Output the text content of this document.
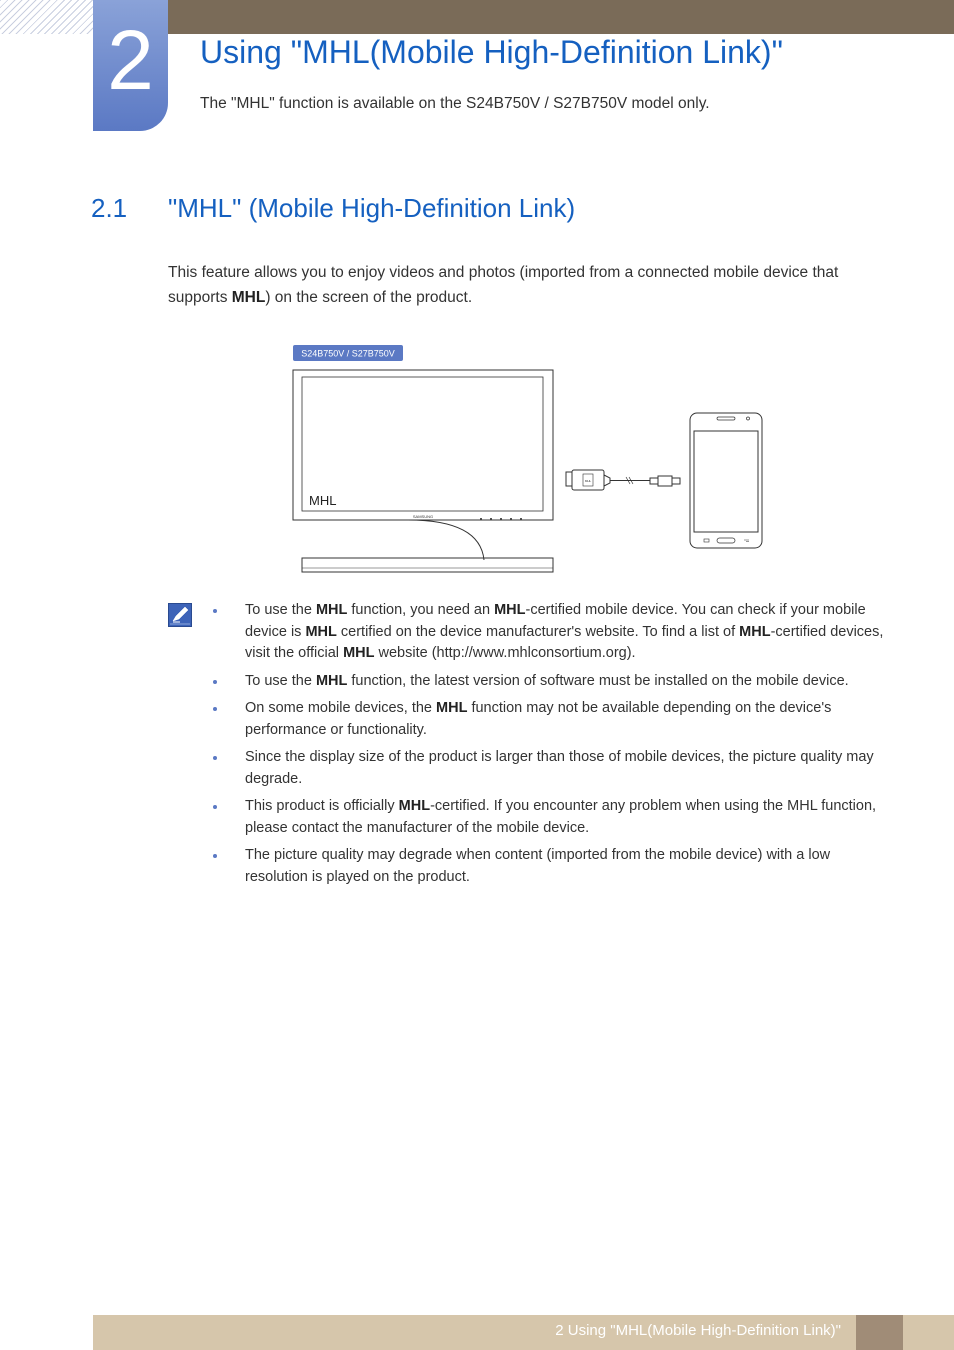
2	Using "MHL(Mobile High-Definition Link)"

The "MHL" function is available on the S24B750V / S27B750V model only.

2.1 "MHL" (Mobile High-Definition Link)

This feature allows you to enjoy videos and photos (imported from a connected mobile device that supports MHL) on the screen of the product.

S24B750V / S27B750V
MHL
SAMSUNG
MHL
To use the MHL function, you need an MHL-certified mobile device. You can check if your mobile device is MHL certified on the device manufacturer's website. To find a list of MHL-certified devices, visit the official MHL website (http://www.mhlconsortium.org).
To use the MHL function, the latest version of software must be installed on the mobile device.
On some mobile devices, the MHL function may not be available depending on the device's performance or functionality.
Since the display size of the product is larger than those of mobile devices, the picture quality may degrade.
This product is officially MHL-certified. If you encounter any problem when using the MHL function, please contact the manufacturer of the mobile device.
The picture quality may degrade when content (imported from the mobile device) with a low resolution is played on the product.
2 Using "MHL(Mobile High-Definition Link)"
